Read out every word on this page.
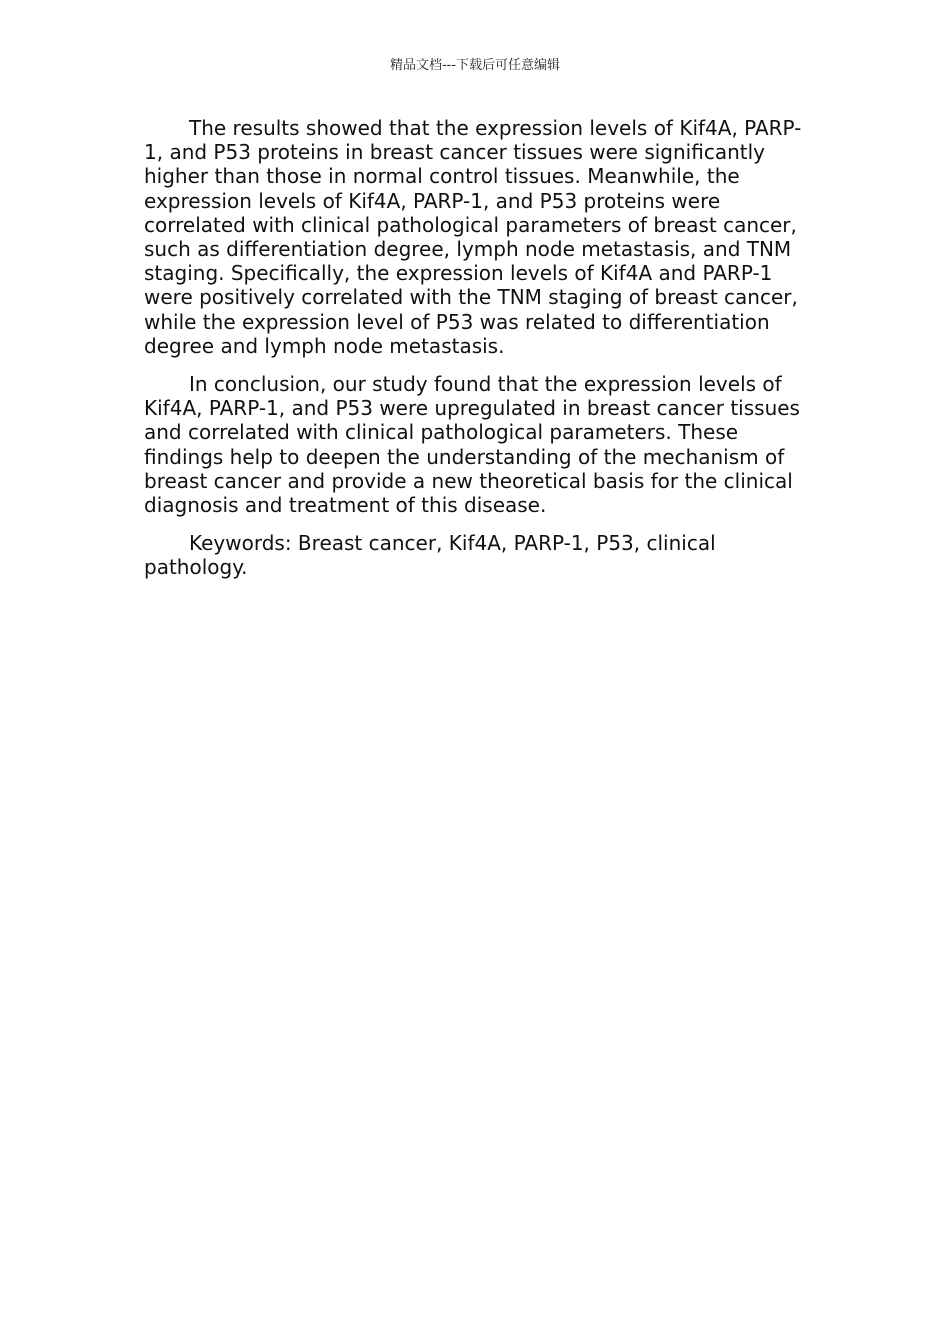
精品文档---下载后可任意编辑

The results showed that the expression levels of Kif4A, PARP-1, and P53 proteins in breast cancer tissues were significantly higher than those in normal control tissues. Meanwhile, the expression levels of Kif4A, PARP-1, and P53 proteins were correlated with clinical pathological parameters of breast cancer, such as differentiation degree, lymph node metastasis, and TNM staging. Specifically, the expression levels of Kif4A and PARP-1 were positively correlated with the TNM staging of breast cancer, while the expression level of P53 was related to differentiation degree and lymph node metastasis.

In conclusion, our study found that the expression levels of Kif4A, PARP-1, and P53 were upregulated in breast cancer tissues and correlated with clinical pathological parameters. These findings help to deepen the understanding of the mechanism of breast cancer and provide a new theoretical basis for the clinical diagnosis and treatment of this disease.

Keywords: Breast cancer, Kif4A, PARP-1, P53, clinical pathology.
